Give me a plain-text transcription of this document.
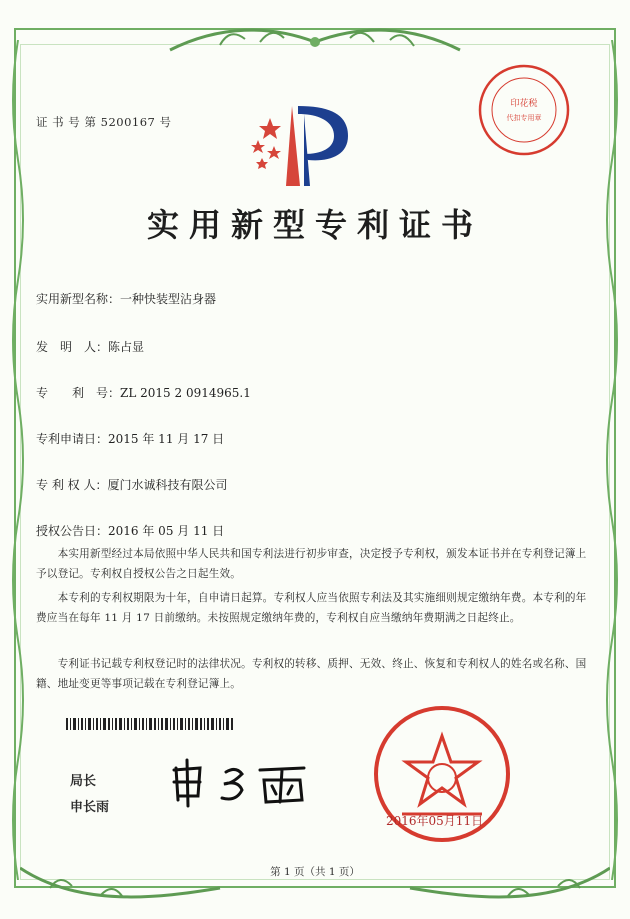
印花税
代扣专用章
证 书 号 第 5200167 号
实用新型专利证书
实用新型名称：一种快装型沾身器
发　明　人：陈占显
专　　利　号：ZL 2015 2 0914965.1
专利申请日：2015 年 11 月 17 日
专 利 权 人：厦门水诚科技有限公司
授权公告日：2016 年 05 月 11 日
　　本实用新型经过本局依照中华人民共和国专利法进行初步审查，决定授予专利权，颁发本证书并在专利登记簿上予以登记。专利权自授权公告之日起生效。
　　本专利的专利权期限为十年，自申请日起算。专利权人应当依照专利法及其实施细则规定缴纳年费。本专利的年费应当在每年 11 月 17 日前缴纳。未按照规定缴纳年费的，专利权自应当缴纳年费期满之日起终止。
　　专利证书记载专利权登记时的法律状况。专利权的转移、质押、无效、终止、恢复和专利权人的姓名或名称、国籍、地址变更等事项记载在专利登记簿上。
局长
申长雨
2016年05月11日
第 1 页（共 1 页）
